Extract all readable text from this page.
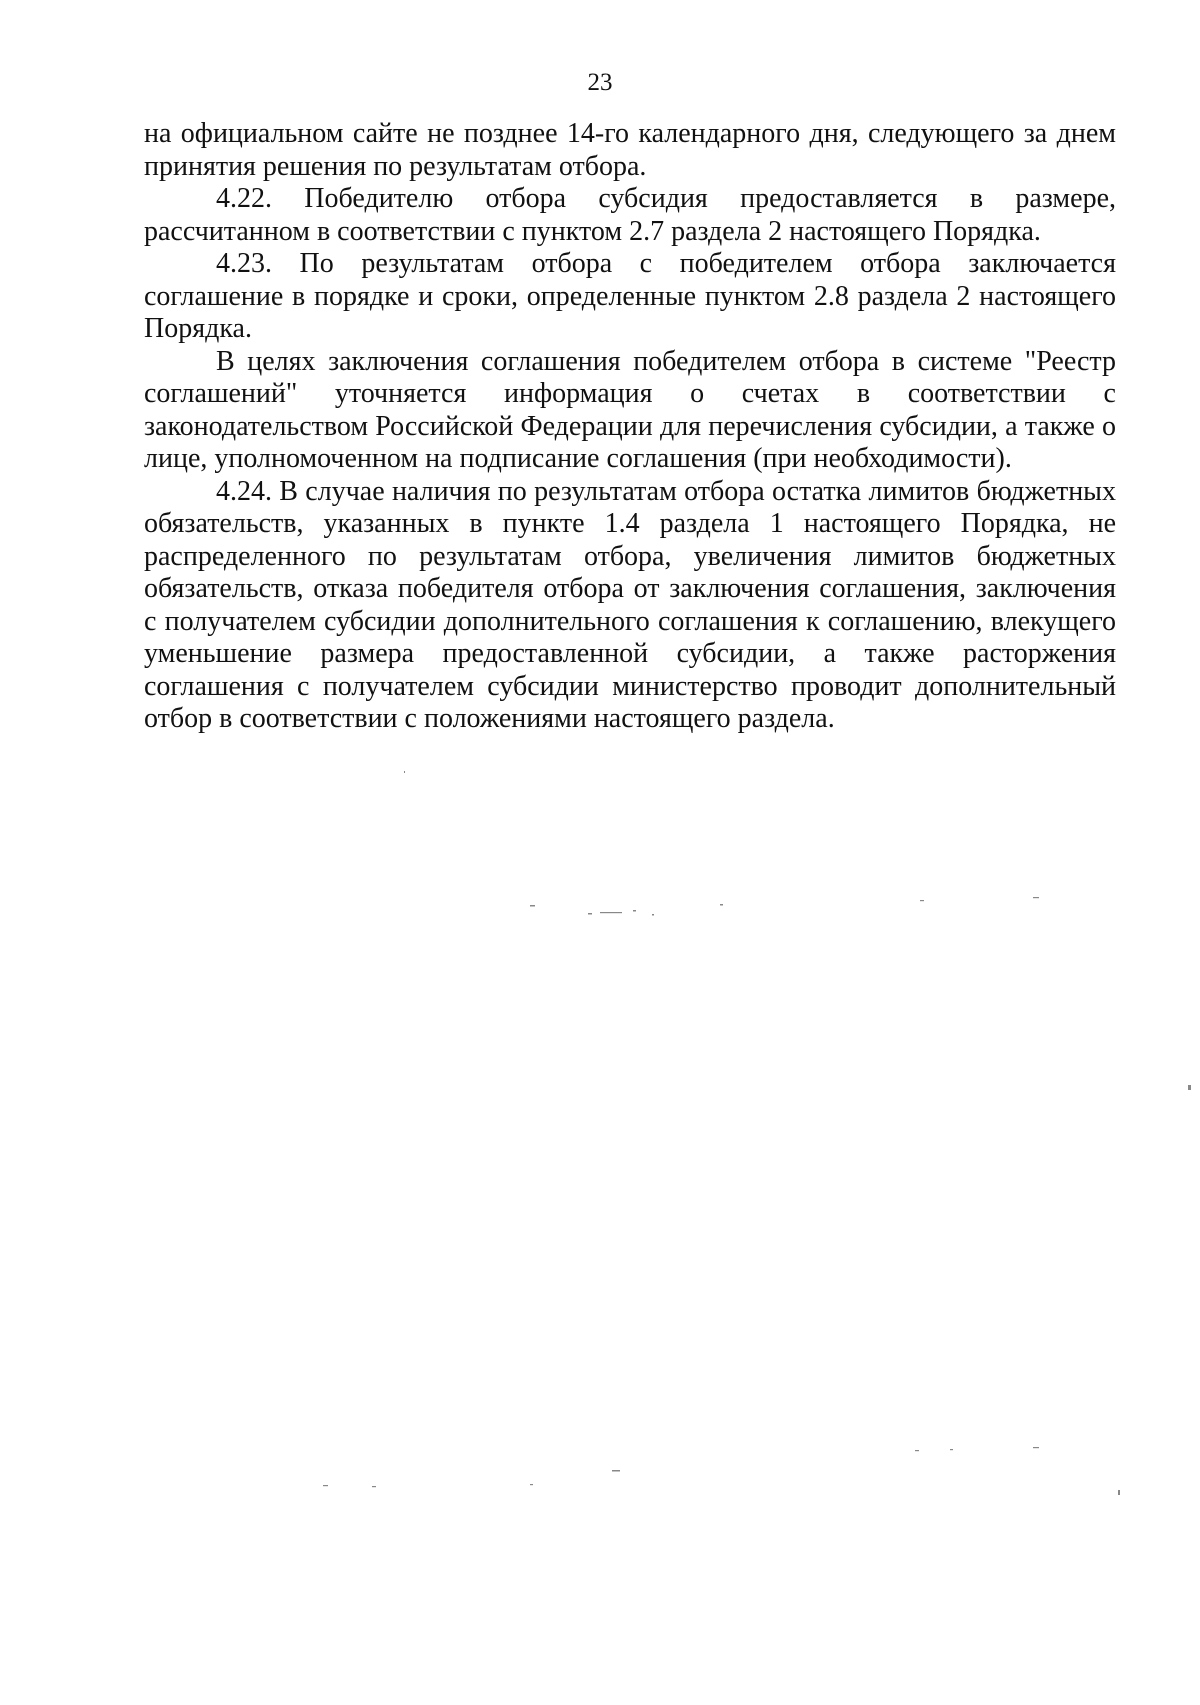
23

на официальном сайте не позднее 14-го календарного дня, следующего за днем принятия решения по результатам отбора.

4.22. Победителю отбора субсидия предоставляется в размере, рассчитанном в соответствии с пунктом 2.7 раздела 2 настоящего Порядка.

4.23. По результатам отбора с победителем отбора заключается соглашение в порядке и сроки, определенные пунктом 2.8 раздела 2 настоящего Порядка.

В целях заключения соглашения победителем отбора в системе "Реестр соглашений" уточняется информация о счетах в соответствии с законодательством Российской Федерации для перечисления субсидии, а также о лице, уполномоченном на подписание соглашения (при необходимости).

4.24. В случае наличия по результатам отбора остатка лимитов бюджетных обязательств, указанных в пункте 1.4 раздела 1 настоящего Порядка, не распределенного по результатам отбора, увеличения лимитов бюджетных обязательств, отказа победителя отбора от заключения соглашения, заключения с получателем субсидии дополнительного соглашения к соглашению, влекущего уменьшение размера предоставленной субсидии, а также расторжения соглашения с получателем субсидии министерство проводит дополнительный отбор в соответствии с положениями настоящего раздела.
